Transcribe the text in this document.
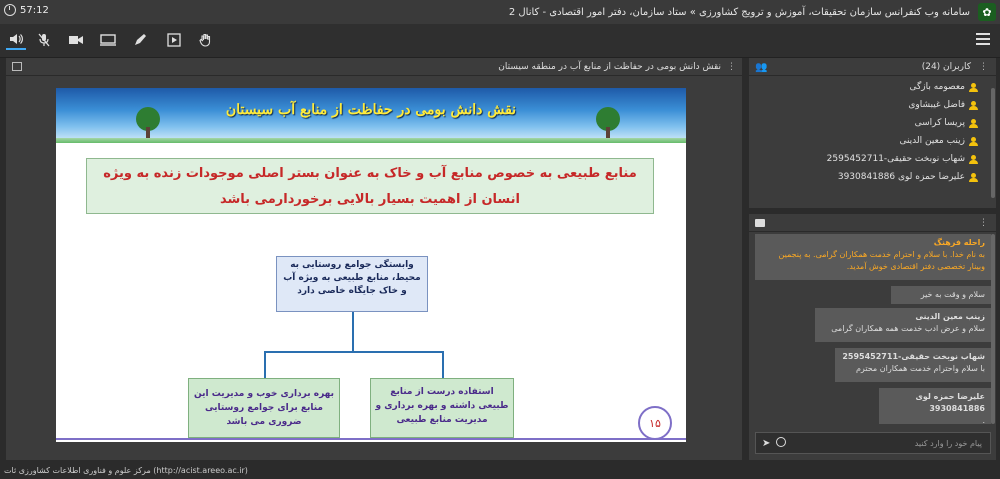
✿
سامانه وب کنفرانس سازمان تحقیقات، آموزش و ترویج کشاورزی » ستاد سازمان، دفتر امور اقتصادی - کانال 2
57:12
⋮
نقش دانش بومی در حفاظت از منابع آب در منطقه سیستان
نقش دانش بومی در حفاظت از منابع آب سیستان
منابع طبیعی به خصوص منابع آب و خاک به عنوان بستر اصلی موجودات زنده به ویژه انسان از اهمیت بسیار بالایی برخوردارمی باشد
وابستگی جوامع روستایی به محیط، منابع طبیعی به ویژه آب و خاک جایگاه خاصی دارد
بهره برداری خوب و مدیریت این منابع برای جوامع روستایی ضروری می باشد
استفاده درست از منابع طبیعی داشته و بهره برداری و مدیریت منابع طبیعی	۱۵
⋮
کاربران (24)
👥
معصومه بازگی
فاضل غیبشاوی
پریسا کراسی
زینب معین الدینی
شهاب نوبخت حقیقی-2595452711
علیرضا حمزه لوی 3930841886
⋮
راحله فرهنگ
به نام خدا. با سلام و احترام خدمت همکاران گرامی. به پنجمین وبینار تخصصی دفتر اقتصادی خوش آمدید.
سلام و وقت به خیر
زینب معین الدینی
سلام و عرض ادب خدمت همه همکاران گرامی
شهاب نوبخت حقیقی-2595452711
با سلام واحترام خدمت همکاران محترم
علیرضا حمزه لوی 3930841886
.
پیام خود را وارد کنید
➤
مرکز علوم و فناوری اطلاعات کشاورزی ثات (http://acist.areeo.ac.ir)
